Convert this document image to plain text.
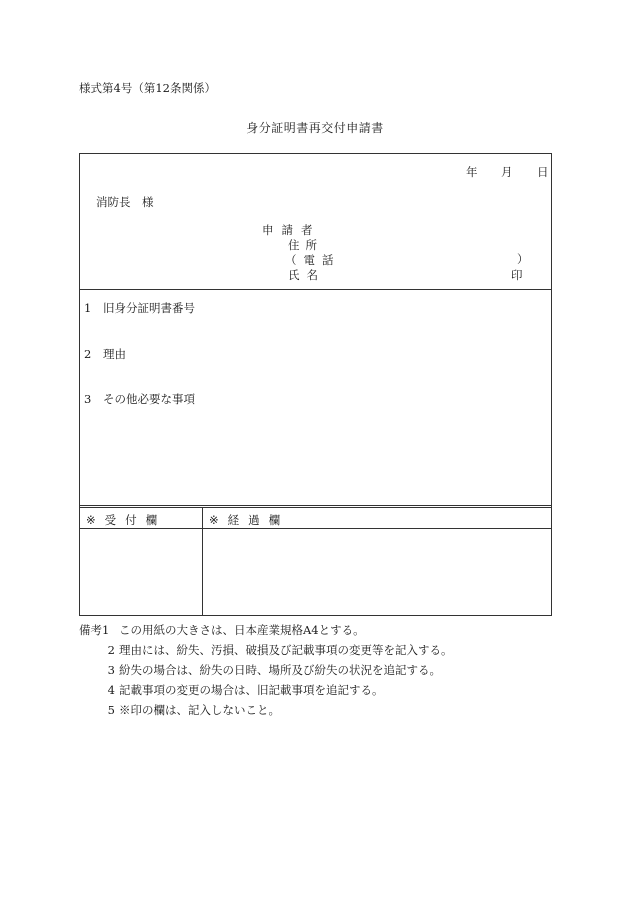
様式第4号（第12条関係）
身分証明書再交付申請書
年 月 日
消防長　様
申請者
住所
（電話	）
氏名	印
1 旧身分証明書番号
2 理由
3 その他必要な事項
※ 受 付 欄	※ 経 過 欄
備考1 この用紙の大きさは、日本産業規格A4とする。
2 理由には、紛失、汚損、破損及び記載事項の変更等を記入する。
3 紛失の場合は、紛失の日時、場所及び紛失の状況を追記する。
4 記載事項の変更の場合は、旧記載事項を追記する。
5 ※印の欄は、記入しないこと。
